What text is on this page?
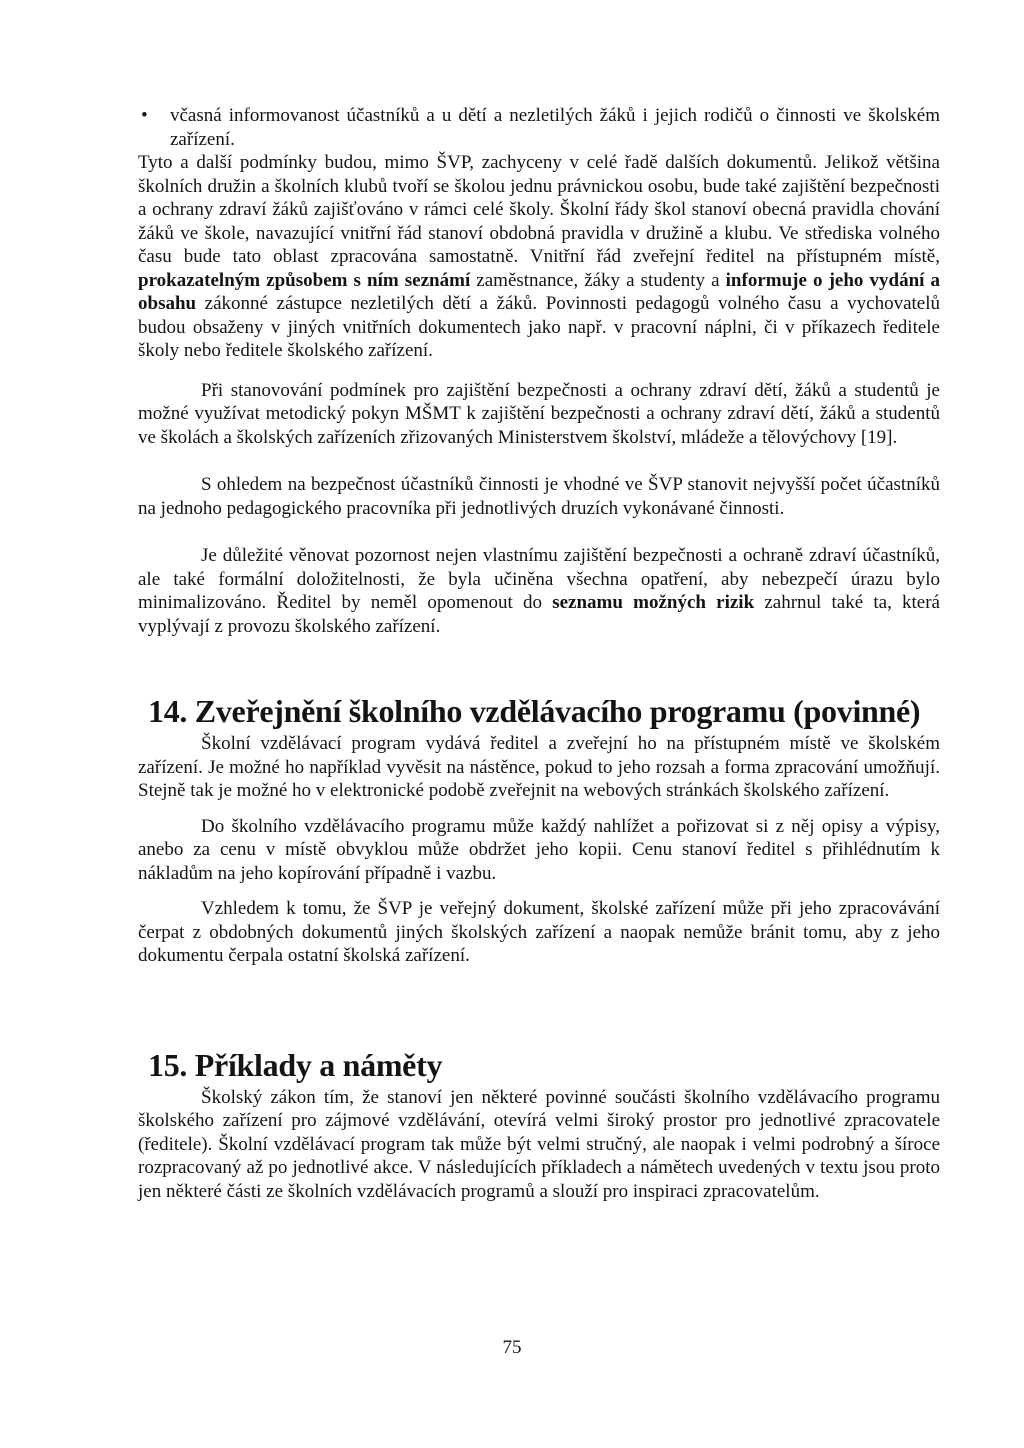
• včasná informovanost účastníků a u dětí a nezletilých žáků i jejich rodičů o činnosti ve školském zařízení.

Tyto a další podmínky budou, mimo ŠVP, zachyceny v celé řadě dalších dokumentů. Jelikož většina školních družin a školních klubů tvoří se školou jednu právnickou osobu, bude také zajištění bezpečnosti a ochrany zdraví žáků zajišťováno v rámci celé školy. Školní řády škol stanoví obecná pravidla chování žáků ve škole, navazující vnitřní řád stanoví obdobná pravidla v družině a klubu. Ve střediska volného času bude tato oblast zpracována samostatně. Vnitřní řád zveřejní ředitel na přístupném místě, prokazatelným způsobem s ním seznámí zaměstnance, žáky a studenty a informuje o jeho vydání a obsahu zákonné zástupce nezletilých dětí a žáků. Povinnosti pedagogů volného času a vychovatelů budou obsaženy v jiných vnitřních dokumentech jako např. v pracovní náplni, či v příkazech ředitele školy nebo ředitele školského zařízení.

Při stanovování podmínek pro zajištění bezpečnosti a ochrany zdraví dětí, žáků a studentů je možné využívat metodický pokyn MŠMT k zajištění bezpečnosti a ochrany zdraví dětí, žáků a studentů ve školách a školských zařízeních zřizovaných Ministerstvem školství, mládeže a tělovýchovy [19].

S ohledem na bezpečnost účastníků činnosti je vhodné ve ŠVP stanovit nejvyšší počet účastníků na jednoho pedagogického pracovníka při jednotlivých druzích vykonávané činnosti.

Je důležité věnovat pozornost nejen vlastnímu zajištění bezpečnosti a ochraně zdraví účastníků, ale také formální doložitelnosti, že byla učiněna všechna opatření, aby nebezpečí úrazu bylo minimalizováno. Ředitel by neměl opomenout do seznamu možných rizik zahrnul také ta, která vyplývají z provozu školského zařízení.

14. Zveřejnění školního vzdělávacího programu (povinné)

Školní vzdělávací program vydává ředitel a zveřejní ho na přístupném místě ve školském zařízení. Je možné ho například vyvěsit na nástěnce, pokud to jeho rozsah a forma zpracování umožňují. Stejně tak je možné ho v elektronické podobě zveřejnit na webových stránkách školského zařízení.

Do školního vzdělávacího programu může každý nahlížet a pořizovat si z něj opisy a výpisy, anebo za cenu v místě obvyklou může obdržet jeho kopii. Cenu stanoví ředitel s přihlédnutím k nákladům na jeho kopírování případně i vazbu.

Vzhledem k tomu, že ŠVP je veřejný dokument, školské zařízení může při jeho zpracovávání čerpat z obdobných dokumentů jiných školských zařízení a naopak nemůže bránit tomu, aby z jeho dokumentu čerpala ostatní školská zařízení.

15. Příklady a náměty

Školský zákon tím, že stanoví jen některé povinné součásti školního vzdělávacího programu školského zařízení pro zájmové vzdělávání, otevírá velmi široký prostor pro jednotlivé zpracovatele (ředitele). Školní vzdělávací program tak může být velmi stručný, ale naopak i velmi podrobný a šíroce rozpracovaný až po jednotlivé akce. V následujících příkladech a námětech uvedených v textu jsou proto jen některé části ze školních vzdělávacích programů a slouží pro inspiraci zpracovatelům.

75
